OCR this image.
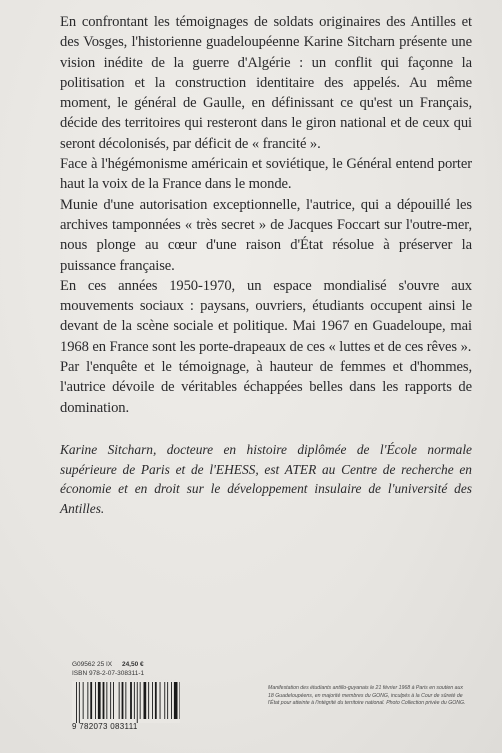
En confrontant les témoignages de soldats originaires des Antilles et des Vosges, l'historienne guadeloupéenne Karine Sitcharn présente une vision inédite de la guerre d'Algérie : un conflit qui façonne la politisation et la construction identitaire des appelés. Au même moment, le général de Gaulle, en définissant ce qu'est un Français, décide des territoires qui resteront dans le giron national et de ceux qui seront décolonisés, par déficit de « francité ».

Face à l'hégémonisme américain et soviétique, le Général entend porter haut la voix de la France dans le monde.

Munie d'une autorisation exceptionnelle, l'autrice, qui a dépouillé les archives tamponnées « très secret » de Jacques Foccart sur l'outre-mer, nous plonge au cœur d'une raison d'État résolue à préserver la puissance française.

En ces années 1950-1970, un espace mondialisé s'ouvre aux mouvements sociaux : paysans, ouvriers, étudiants occupent ainsi le devant de la scène sociale et politique. Mai 1967 en Guadeloupe, mai 1968 en France sont les porte-drapeaux de ces « luttes et de ces rêves ».

Par l'enquête et le témoignage, à hauteur de femmes et d'hommes, l'autrice dévoile de véritables échappées belles dans les rapports de domination.

Karine Sitcharn, docteure en histoire diplômée de l'École normale supérieure de Paris et de l'EHESS, est ATER au Centre de recherche en économie et en droit sur le développement insulaire de l'université des Antilles.

G09562 25 IX 24,50 €
ISBN 978-2-07-308311-1
9 782073 083111
Manifestation des étudiants antillo-guyanais le 21 février 1968 à Paris en soutien aux 18 Guadeloupéens, en majorité membres du GONG, inculpés à la Cour de sûreté de l'État pour atteinte à l'intégrité du territoire national. Photo Collection privée du GONG.
